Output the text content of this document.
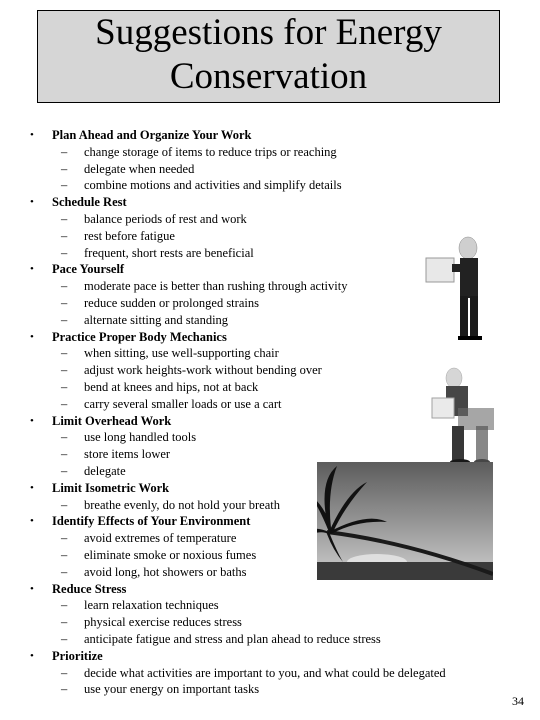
Suggestions for Energy
Conservation
• Plan Ahead and Organize Your Work
– change storage of items to reduce trips or reaching
– delegate when needed
– combine motions and activities and simplify details
• Schedule Rest
– balance periods of rest and work
– rest before fatigue
– frequent, short rests are beneficial
• Pace Yourself
– moderate pace is better than rushing through activity
– reduce sudden or prolonged strains
– alternate sitting and standing
• Practice Proper Body Mechanics
– when sitting, use well-supporting chair
– adjust work heights-work without bending over
– bend at knees and hips, not at back
– carry several smaller loads or use a cart
• Limit Overhead Work
– use long handled tools
– store items lower
– delegate
• Limit Isometric Work
– breathe evenly, do not hold your breath
• Identify Effects of Your Environment
– avoid extremes of temperature
– eliminate smoke or noxious fumes
– avoid long, hot showers or baths
• Reduce Stress
– learn relaxation techniques
– physical exercise reduces stress
– anticipate fatigue and stress and plan ahead to reduce stress
• Prioritize
– decide what activities are important to you, and what could be delegated
– use your energy on important tasks
34
